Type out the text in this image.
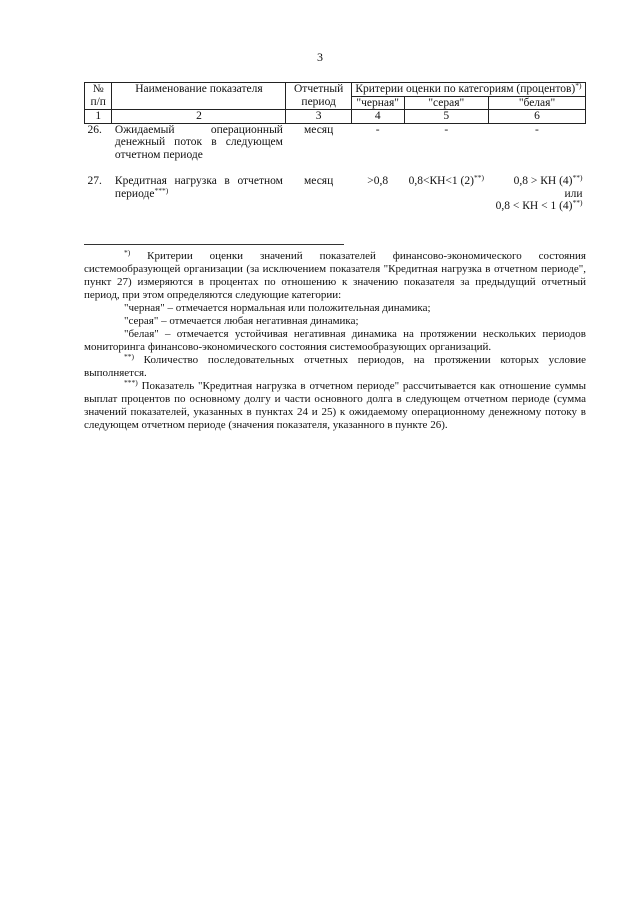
3
№ п/п	Наименование показателя	Отчетный период	Критерии оценки по категориям (процентов)*)
			"черная"	"серая"	"белая"
1	2	3	4	5	6
26.	Ожидаемый операционный денежный поток в следующем отчетном периоде	месяц	-	-	-

27.	Кредитная нагрузка в отчетном периоде***)	месяц	>0,8	0,8<КН<1 (2)**)	0,8 > КН (4)**)
или
0,8 < КН < 1 (4)**)

*) Критерии оценки значений показателей финансово-экономического состояния системообразующей организации (за исключением показателя "Кредитная нагрузка в отчетном периоде", пункт 27) измеряются в процентах по отношению к значению показателя за предыдущий отчетный период, при этом определяются следующие категории:

"черная" – отмечается нормальная или положительная динамика;

"серая" – отмечается любая негативная динамика;

"белая" – отмечается устойчивая негативная динамика на протяжении нескольких периодов мониторинга финансово-экономического состояния системообразующих организаций.

**) Количество последовательных отчетных периодов, на протяжении которых условие выполняется.

***) Показатель "Кредитная нагрузка в отчетном периоде" рассчитывается как отношение суммы выплат процентов по основному долгу и части основного долга в следующем отчетном периоде (сумма значений показателей, указанных в пунктах 24 и 25) к ожидаемому операционному денежному потоку в следующем отчетном периоде (значения показателя, указанного в пункте 26).
